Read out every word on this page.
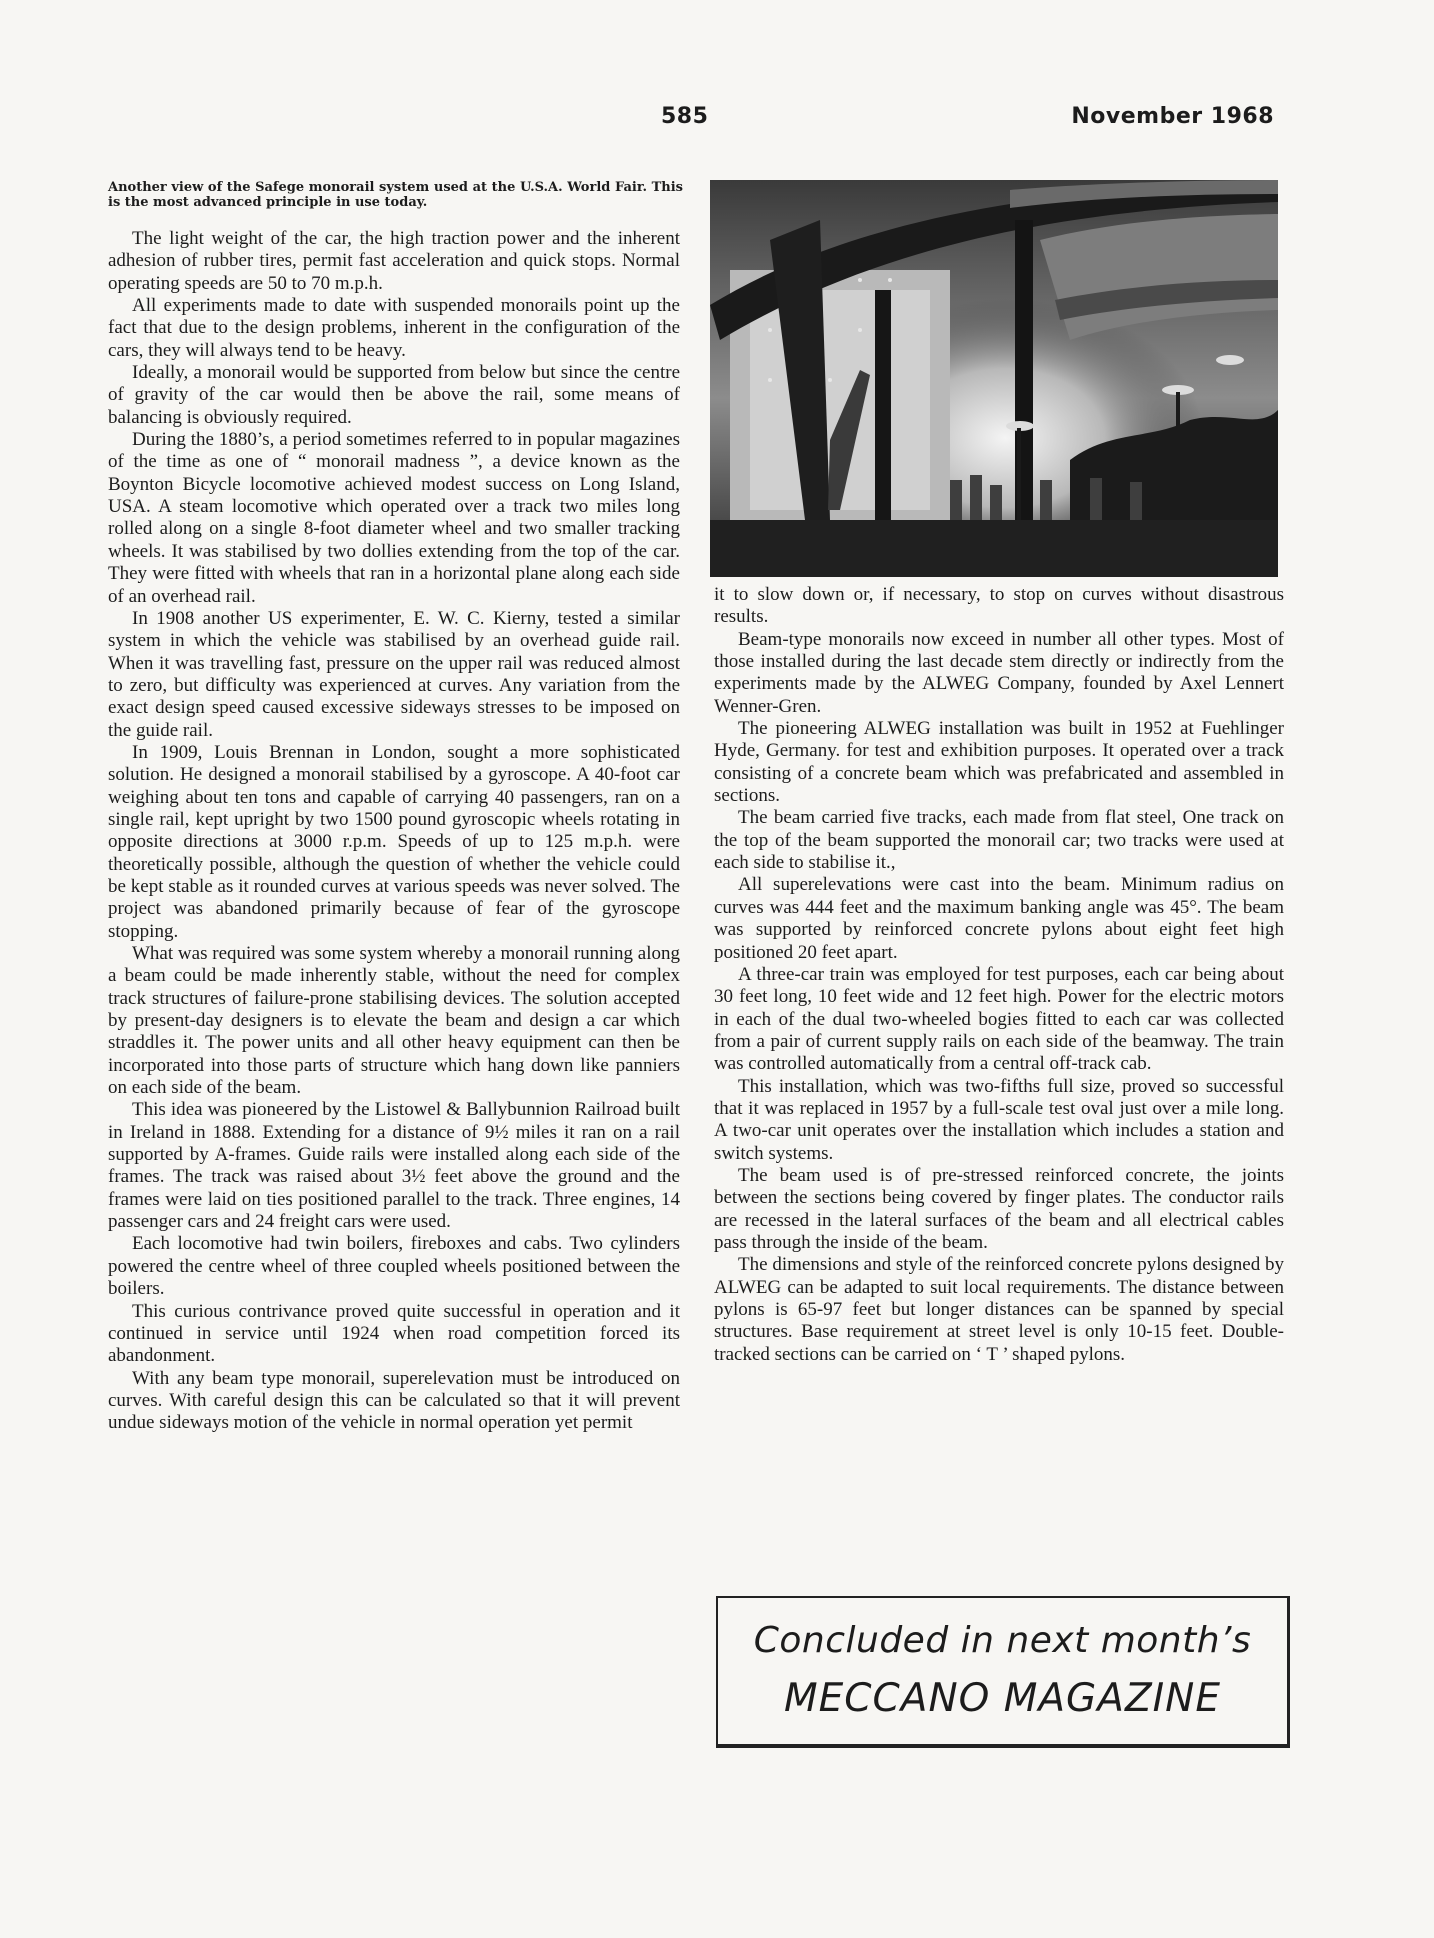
585	November 1968
Another view of the Safege monorail system used at the U.S.A. World Fair. This is the most advanced principle in use today.

The light weight of the car, the high traction power and the inherent adhesion of rubber tires, permit fast acceleration and quick stops. Normal operating speeds are 50 to 70 m.p.h.

All experiments made to date with suspended monorails point up the fact that due to the design problems, inherent in the configuration of the cars, they will always tend to be heavy.

Ideally, a monorail would be supported from below but since the centre of gravity of the car would then be above the rail, some means of balancing is obviously required.

During the 1880’s, a period sometimes referred to in popular magazines of the time as one of “ monorail madness ”, a device known as the Boynton Bicycle locomotive achieved modest success on Long Island, USA. A steam locomotive which operated over a track two miles long rolled along on a single 8-foot diameter wheel and two smaller tracking wheels. It was stabilised by two dollies extending from the top of the car. They were fitted with wheels that ran in a horizontal plane along each side of an overhead rail.

In 1908 another US experimenter, E. W. C. Kierny, tested a similar system in which the vehicle was stabilised by an overhead guide rail. When it was travelling fast, pressure on the upper rail was reduced almost to zero, but difficulty was experienced at curves. Any variation from the exact design speed caused excessive sideways stresses to be imposed on the guide rail.

In 1909, Louis Brennan in London, sought a more sophisticated solution. He designed a monorail stabilised by a gyroscope. A 40-foot car weighing about ten tons and capable of carrying 40 passengers, ran on a single rail, kept upright by two 1500 pound gyroscopic wheels rotating in opposite directions at 3000 r.p.m. Speeds of up to 125 m.p.h. were theoretically possible, although the question of whether the vehicle could be kept stable as it rounded curves at various speeds was never solved. The project was abandoned primarily because of fear of the gyroscope stopping.

What was required was some system whereby a monorail running along a beam could be made inherently stable, without the need for complex track structures of failure-prone stabilising devices. The solution accepted by present-day designers is to elevate the beam and design a car which straddles it. The power units and all other heavy equipment can then be incorporated into those parts of structure which hang down like panniers on each side of the beam.

This idea was pioneered by the Listowel & Ballybunnion Railroad built in Ireland in 1888. Extending for a distance of 9½ miles it ran on a rail supported by A-frames. Guide rails were installed along each side of the frames. The track was raised about 3½ feet above the ground and the frames were laid on ties positioned parallel to the track. Three engines, 14 passenger cars and 24 freight cars were used.

Each locomotive had twin boilers, fireboxes and cabs. Two cylinders powered the centre wheel of three coupled wheels positioned between the boilers.

This curious contrivance proved quite successful in operation and it continued in service until 1924 when road competition forced its abandonment.

With any beam type monorail, superelevation must be introduced on curves. With careful design this can be calculated so that it will prevent undue sideways motion of the vehicle in normal operation yet permit

it to slow down or, if necessary, to stop on curves without disastrous results.

Beam-type monorails now exceed in number all other types. Most of those installed during the last decade stem directly or indirectly from the experiments made by the ALWEG Company, founded by Axel Lennert Wenner-Gren.

The pioneering ALWEG installation was built in 1952 at Fuehlinger Hyde, Germany. for test and exhibition purposes. It operated over a track consisting of a concrete beam which was prefabricated and assembled in sections.

The beam carried five tracks, each made from flat steel, One track on the top of the beam supported the monorail car; two tracks were used at each side to stabilise it.,

All superelevations were cast into the beam. Minimum radius on curves was 444 feet and the maximum banking angle was 45°. The beam was supported by reinforced concrete pylons about eight feet high positioned 20 feet apart.

A three-car train was employed for test purposes, each car being about 30 feet long, 10 feet wide and 12 feet high. Power for the electric motors in each of the dual two-wheeled bogies fitted to each car was collected from a pair of current supply rails on each side of the beamway. The train was controlled automatically from a central off-track cab.

This installation, which was two-fifths full size, proved so successful that it was replaced in 1957 by a full-scale test oval just over a mile long. A two-car unit operates over the installation which includes a station and switch systems.

The beam used is of pre-stressed reinforced concrete, the joints between the sections being covered by finger plates. The conductor rails are recessed in the lateral surfaces of the beam and all electrical cables pass through the inside of the beam.

The dimensions and style of the reinforced concrete pylons designed by ALWEG can be adapted to suit local requirements. The distance between pylons is 65-97 feet but longer distances can be spanned by special structures. Base requirement at street level is only 10-15 feet. Double-tracked sections can be carried on ‘ T ’ shaped pylons.

Concluded in next month’s
MECCANO MAGAZINE
